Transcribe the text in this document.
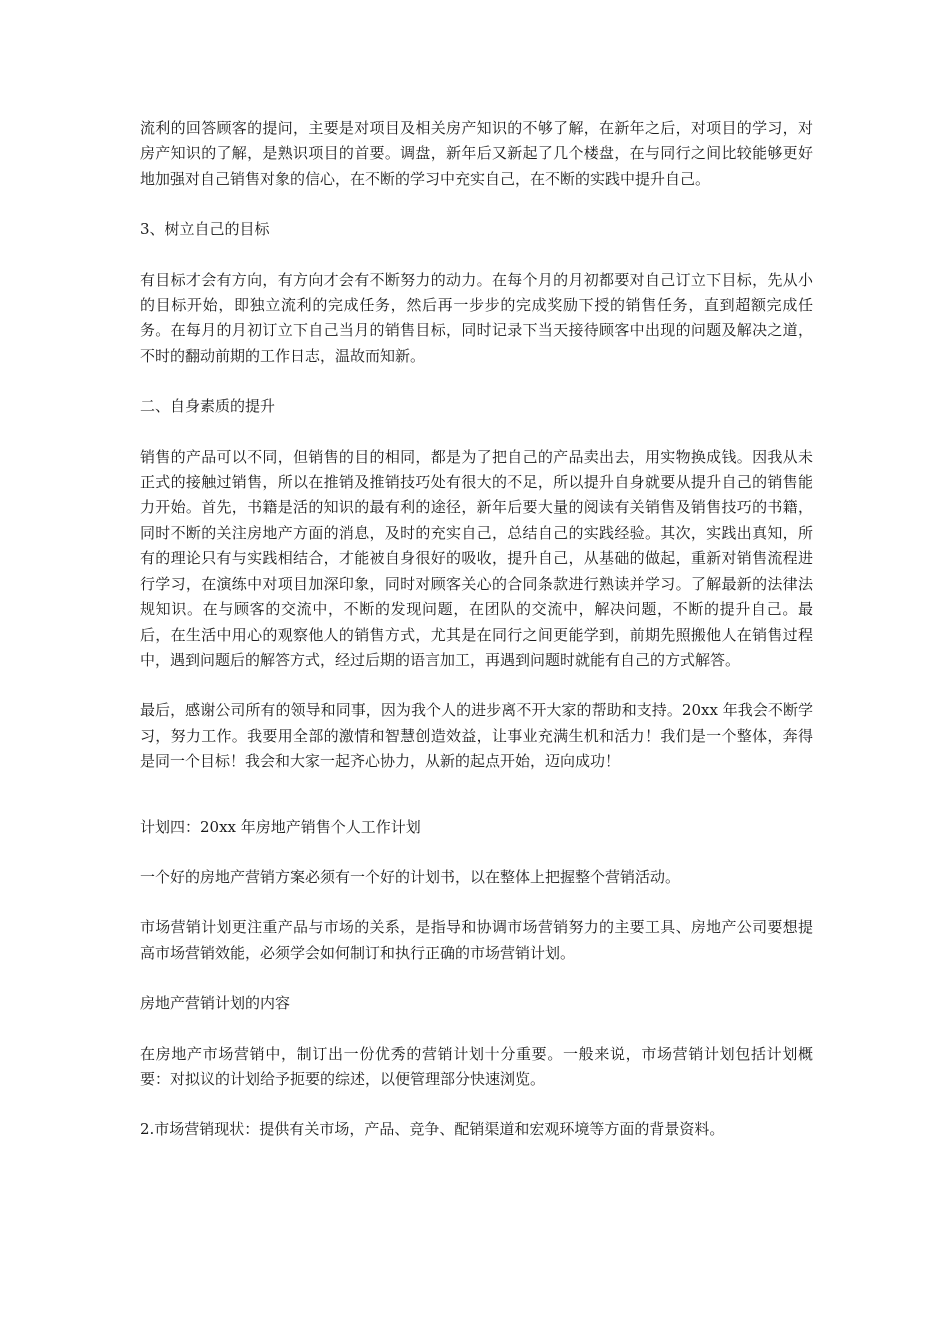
流利的回答顾客的提问，主要是对项目及相关房产知识的不够了解，在新年之后，对项目的学习，对房产知识的了解，是熟识项目的首要。调盘，新年后又新起了几个楼盘，在与同行之间比较能够更好地加强对自己销售对象的信心，在不断的学习中充实自己，在不断的实践中提升自己。

3、树立自己的目标

有目标才会有方向，有方向才会有不断努力的动力。在每个月的月初都要对自己订立下目标，先从小的目标开始，即独立流利的完成任务，然后再一步步的完成奖励下授的销售任务，直到超额完成任务。在每月的月初订立下自己当月的销售目标，同时记录下当天接待顾客中出现的问题及解决之道，不时的翻动前期的工作日志，温故而知新。

二、自身素质的提升

销售的产品可以不同，但销售的目的相同，都是为了把自己的产品卖出去，用实物换成钱。因我从未正式的接触过销售，所以在推销及推销技巧处有很大的不足，所以提升自身就要从提升自己的销售能力开始。首先，书籍是活的知识的最有利的途径，新年后要大量的阅读有关销售及销售技巧的书籍，同时不断的关注房地产方面的消息，及时的充实自己，总结自己的实践经验。其次，实践出真知，所有的理论只有与实践相结合，才能被自身很好的吸收，提升自己，从基础的做起，重新对销售流程进行学习，在演练中对项目加深印象，同时对顾客关心的合同条款进行熟读并学习。了解最新的法律法规知识。在与顾客的交流中，不断的发现问题，在团队的交流中，解决问题，不断的提升自己。最后，在生活中用心的观察他人的销售方式，尤其是在同行之间更能学到，前期先照搬他人在销售过程中，遇到问题后的解答方式，经过后期的语言加工，再遇到问题时就能有自己的方式解答。

最后，感谢公司所有的领导和同事，因为我个人的进步离不开大家的帮助和支持。20xx 年我会不断学习，努力工作。我要用全部的激情和智慧创造效益，让事业充满生机和活力！我们是一个整体，奔得是同一个目标！我会和大家一起齐心协力，从新的起点开始，迈向成功！

计划四：20xx 年房地产销售个人工作计划

一个好的房地产营销方案必须有一个好的计划书，以在整体上把握整个营销活动。

市场营销计划更注重产品与市场的关系，是指导和协调市场营销努力的主要工具、房地产公司要想提高市场营销效能，必须学会如何制订和执行正确的市场营销计划。

房地产营销计划的内容

在房地产市场营销中，制订出一份优秀的营销计划十分重要。一般来说，市场营销计划包括计划概要：对拟议的计划给予扼要的综述，以便管理部分快速浏览。

2.市场营销现状：提供有关市场，产品、竞争、配销渠道和宏观环境等方面的背景资料。
